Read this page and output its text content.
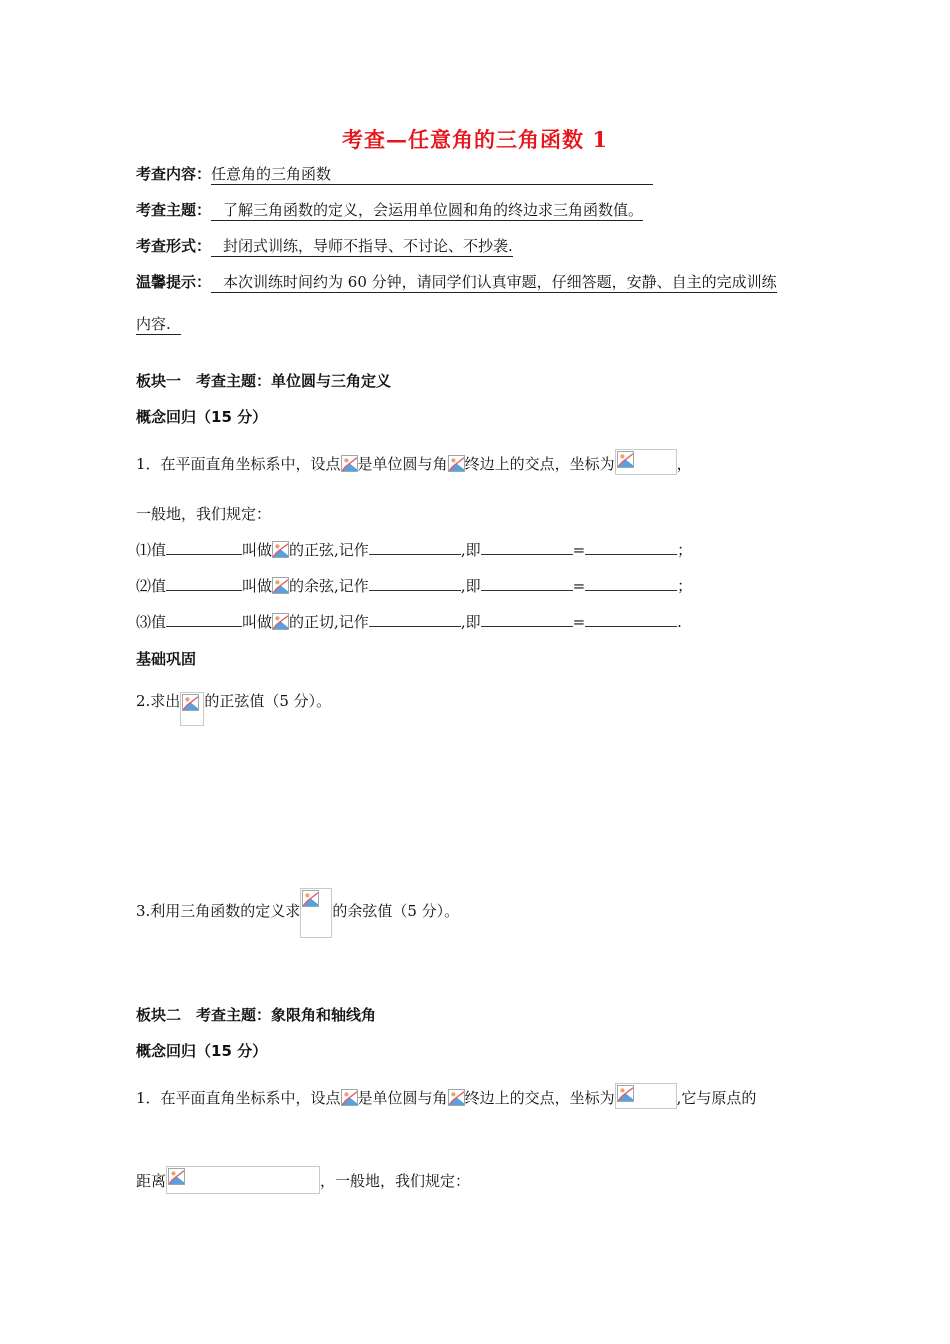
考查—任意角的三角函数 1
考查内容：任意角的三角函数
考查主题： 了解三角函数的定义，会运用单位圆和角的终边求三角函数值。
考查形式： 封闭式训练，导师不指导、不讨论、不抄袭.
温馨提示： 本次训练时间约为 60 分钟，请同学们认真审题，仔细答题，安静、自主的完成训练
内容.
板块一　考查主题：单位圆与三角定义
概念回归（15 分）
1．在平面直角坐标系中，设点 是单位圆与角 终边上的交点，坐标为	，
一般地，我们规定：
⑴值	叫做 的正弦,记作	,即	=	；
⑵值	叫做 的余弦,记作	,即	=	；
⑶值	叫做 的正切,记作	,即	=	.
基础巩固
2.求出 的正弦值（5 分）。
3.利用三角函数的定义求 的余弦值（5 分）。
板块二　考查主题：象限角和轴线角
概念回归（15 分）
1．在平面直角坐标系中，设点 是单位圆与角 终边上的交点，坐标为	,它与原点的
距离	，一般地，我们规定：
